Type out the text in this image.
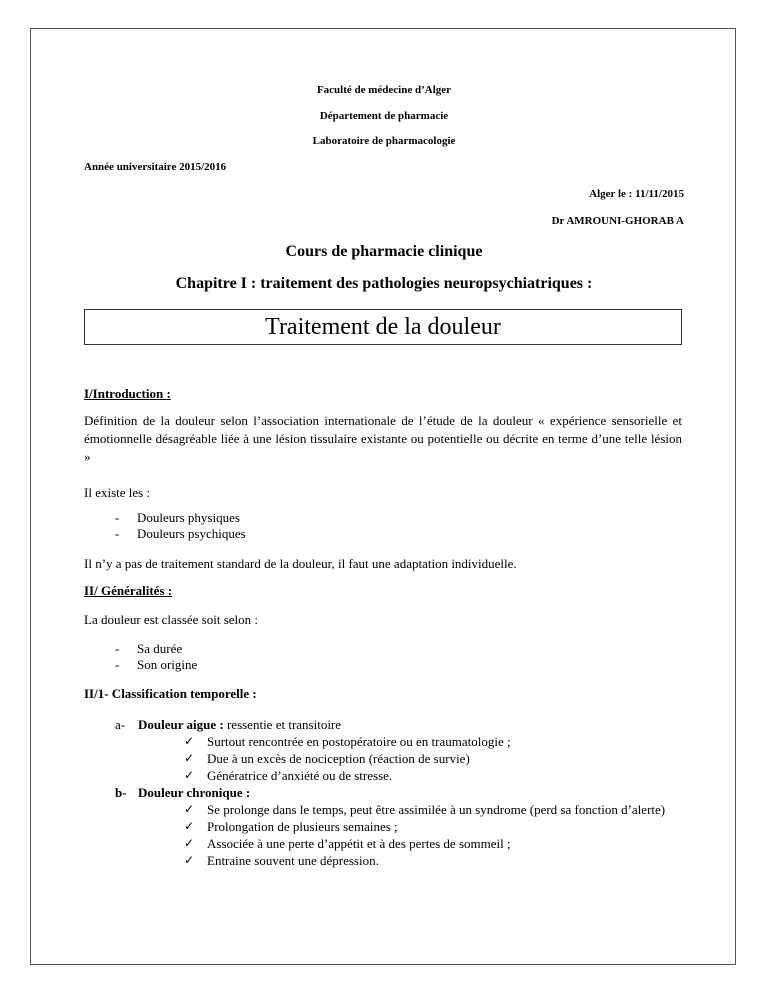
Faculté de médecine d’Alger

Département de pharmacie

Laboratoire de pharmacologie

Année universitaire 2015/2016

Alger le : 11/11/2015

Dr AMROUNI-GHORAB A

Cours de pharmacie clinique

Chapitre I : traitement des pathologies neuropsychiatriques :

Traitement de la douleur

I/Introduction :

Définition de la douleur selon l’association internationale de l’étude de la douleur « expérience sensorielle et émotionnelle désagréable liée à une lésion tissulaire existante ou potentielle ou décrite en terme d’une telle lésion »

Il existe les :

- Douleurs physiques
- Douleurs psychiques

Il n’y a pas de traitement standard de la douleur, il faut une adaptation individuelle.

II/ Généralités :

La douleur est classée soit selon :

- Sa durée
- Son origine

II/1- Classification temporelle :

a- Douleur aigue : ressentie et transitoire
✓ Surtout rencontrée en postopératoire ou en traumatologie ;
✓ Due à un excès de nociception (réaction de survie)
✓ Génératrice d’anxiété ou de stresse.
b- Douleur chronique :
✓ Se prolonge dans le temps, peut être assimilée à un syndrome (perd sa fonction d’alerte)
✓ Prolongation de plusieurs semaines ;
✓ Associée à une perte d’appétit et à des pertes de sommeil ;
✓ Entraine souvent une dépression.
